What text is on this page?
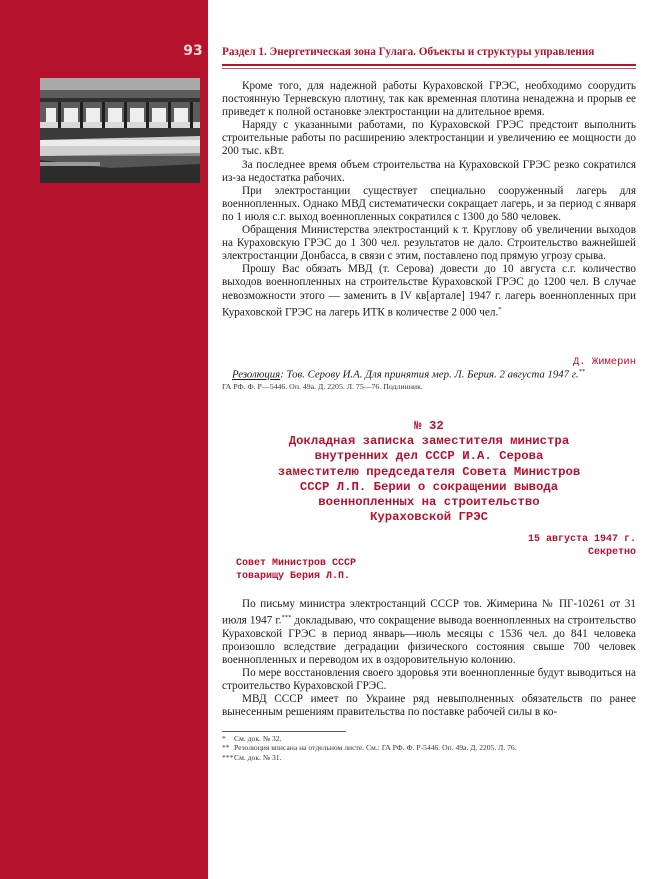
93 Раздел 1. Энергетическая зона Гулага. Объекты и структуры управления

Кроме того, для надежной работы Кураховской ГРЭС, необходимо соорудить постоянную Терневскую плотину, так как временная плотина ненадежна и прорыв ее приведет к полной остановке электростанции на длительное время.

Наряду с указанными работами, по Кураховской ГРЭС предстоит выполнить строительные работы по расширению электростанции и увеличению ее мощности до 200 тыс. кВт.

За последнее время объем строительства на Кураховской ГРЭС резко сократился из-за недостатка рабочих.

При электростанции существует специально сооруженный лагерь для военнопленных. Однако МВД систематически сокращает лагерь, и за период с января по 1 июля с.г. выход военнопленных сократился с 1300 до 580 человек.

Обращения Министерства электростанций к т. Круглову об увеличении выходов на Кураховскую ГРЭС до 1 300 чел. результатов не дало. Строительство важнейшей электростанции Донбасса, в связи с этим, поставлено под прямую угрозу срыва.

Прошу Вас обязать МВД (т. Серова) довести до 10 августа с.г. количество выходов военнопленных на строительстве Кураховской ГРЭС до 1200 чел. В случае невозможности этого — заменить в IV кв[артале] 1947 г. лагерь военнопленных при Кураховской ГРЭС на лагерь ИТК в количестве 2 000 чел.*

Д. Жимерин
Резолюция: Тов. Серову И.А. Для принятия мер. Л. Берия. 2 августа 1947 г.**
ГА РФ. Ф. Р—5446. Оп. 49а. Д. 2205. Л. 75—76. Подлинник.
№ 32
Докладная записка заместителя министра
внутренних дел СССР И.А. Серова
заместителю председателя Совета Министров
СССР Л.П. Берии о сокращении вывода
военнопленных на строительство
Кураховской ГРЭС
15 августа 1947 г.
Секретно
Совет Министров СССР
товарищу Берия Л.П.

По письму министра электростанций СССР тов. Жимерина № ПГ-10261 от 31 июля 1947 г.*** докладываю, что сокращение вывода военнопленных на строительство Кураховской ГРЭС в период январь—июль месяцы с 1536 чел. до 841 человека произошло вследствие деградации физического состояния свыше 700 человек военнопленных и переводом их в оздоровительную колонию.

По мере восстановления своего здоровья эти военнопленные будут выводиться на строительство Кураховской ГРЭС.

МВД СССР имеет по Украине ряд невыполненных обязательств по ранее вынесенным решениям правительства по поставке рабочей силы в ко-

*	См. док. № 32.
** Резолюция вписана на отдельном листе. См.: ГА РФ. Ф. Р-5446. Оп. 49а. Д. 2205. Л. 76.
*** См. док. № 31.
